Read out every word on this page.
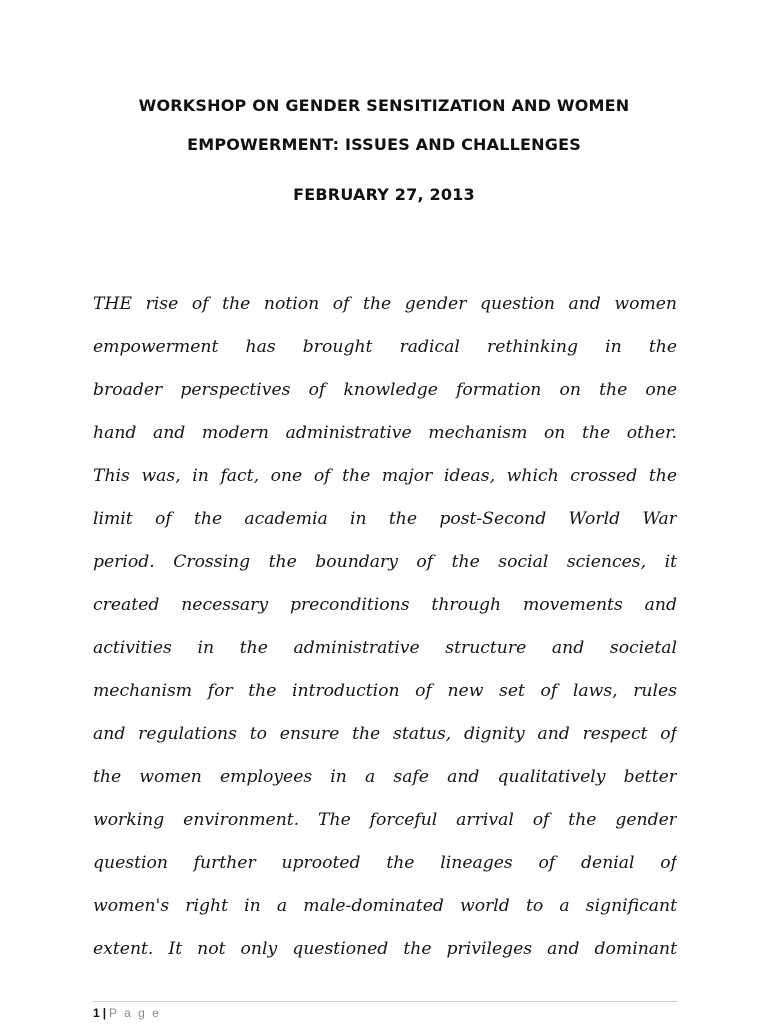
WORKSHOP ON GENDER SENSITIZATION AND WOMEN
EMPOWERMENT: ISSUES AND CHALLENGES
FEBRUARY 27, 2013
THE rise of the notion of the gender question and women
empowerment has brought radical rethinking in the
broader perspectives of knowledge formation on the one
hand and modern administrative mechanism on the other.
This was, in fact, one of the major ideas, which crossed the
limit of the academia in the post-Second World War
period. Crossing the boundary of the social sciences, it
created necessary preconditions through movements and
activities in the administrative structure and societal
mechanism for the introduction of new set of laws, rules
and regulations to ensure the status, dignity and respect of
the women employees in a safe and qualitatively better
working environment. The forceful arrival of the gender
question further uprooted the lineages of denial of
women's right in a male-dominated world to a significant
extent. It not only questioned the privileges and dominant
1 | P a g e
